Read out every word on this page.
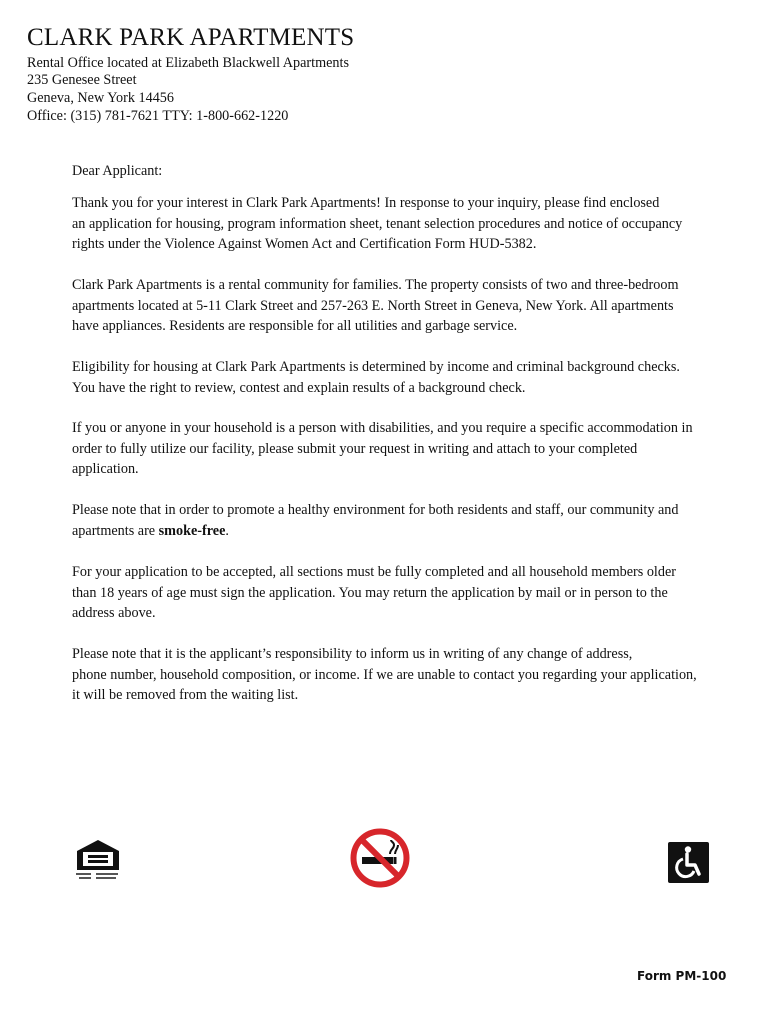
CLARK PARK APARTMENTS
Rental Office located at Elizabeth Blackwell Apartments
235 Genesee Street
Geneva, New York 14456
Office: (315) 781-7621 TTY: 1-800-662-1220
Dear Applicant:
Thank you for your interest in Clark Park Apartments! In response to your inquiry, please find enclosed
an application for housing, program information sheet, tenant selection procedures and notice of occupancy
rights under the Violence Against Women Act and Certification Form HUD-5382.
Clark Park Apartments is a rental community for families. The property consists of two and three-bedroom
apartments located at 5-11 Clark Street and 257-263 E. North Street in Geneva, New York. All apartments
have appliances. Residents are responsible for all utilities and garbage service.
Eligibility for housing at Clark Park Apartments is determined by income and criminal background checks.
You have the right to review, contest and explain results of a background check.
If you or anyone in your household is a person with disabilities, and you require a specific accommodation in
order to fully utilize our facility, please submit your request in writing and attach to your completed
application.
Please note that in order to promote a healthy environment for both residents and staff, our community and
apartments are smoke-free.
For your application to be accepted, all sections must be fully completed and all household members older
than 18 years of age must sign the application. You may return the application by mail or in person to the
address above.
Please note that it is the applicant’s responsibility to inform us in writing of any change of address,
phone number, household composition, or income. If we are unable to contact you regarding your application,
it will be removed from the waiting list.
Form PM-100
